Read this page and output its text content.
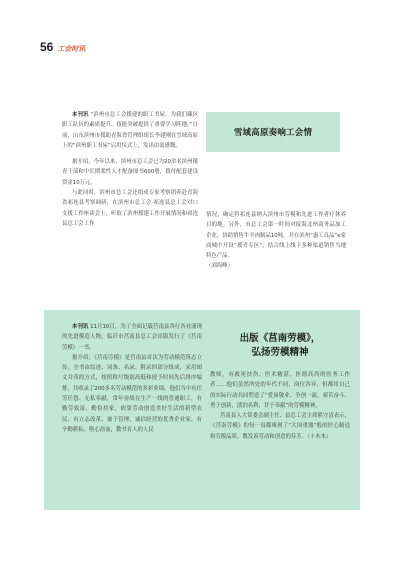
56 工会时讯

本刊讯 “滨州市总工会援建的职工书屋，为我们藏区职工队伍的素质提升、技能突破提供了重要学习阵地。”日前，山东滨州市援助青海省管理组组长李建刚在雪域高原上的“滨州职工书屋”启用仪式上，发出由衷感慨。

据介绍，今年以来，滨州市总工会已为20余名滨州援青干部和中长期柔性人才配备图书600册，拨付配套建设资金10万元。

与此同时，滨州市总工会还组成专家考察团奔赴青海省祁连县考察调研，在滨州市总工会·祁连县总工会对口支援工作座谈会上，听取了滨州援建工作开展情况和祁连县总工会工作

雪域高原奏响工会情

情况，确定将祁连县纳入滨州市劳模和先进工作者疗休养目的地。另外，市总工会第一时间对接海北州商务品加工企业，协助销售牛羊肉制品10吨，并在滨州“惠工良品”e家商城中开设“援青专区”，结合线上线下多种渠道销售当地特色产品。

（刘海峰）

本刊讯 11月10日，为了全面记载莒南县各行各业涌现的先进模范人物，临沂市莒南县总工会出版发行了《莒南劳模》一书。

据介绍，《莒南劳模》是莒南县首次为劳动模范筑志立传。全书由综述、词条、名录、附录四部分组成，采用图文并茂的方式，按照称号级别高低和授予时间先后排序编排，共收录了200多名劳动模范的多彩业绩。他们当中有任劳任怨、无私奉献，常年奋战在生产一线的普通职工，有勤劳致富、勤俭持家，依靠劳动创造美好生活的新型农民，有立志改革、兼于管理，诚信经营的优秀企业家，有辛勤耕耘、呕心沥血，教书育人的人民

出版《莒南劳模》，
弘扬劳模精神

教师，有救死扶伤、医术精湛，医德高尚的医务工作者……他们虽然所处的年代不同、岗位各异，但都用自己的实际行动共同塑造了“爱岗敬业、争创一流，艰苦奋斗、勇于创新，淡泊名利、甘于奉献”的劳模精神。

莒南县人大常委会副主任、县总工会主席熊守清表示，《莒南劳模》的每一页都珠现了“大国重器”般的匠心制造和劳模品质，教发着劳动和创造的芬芳。（卜木木）
